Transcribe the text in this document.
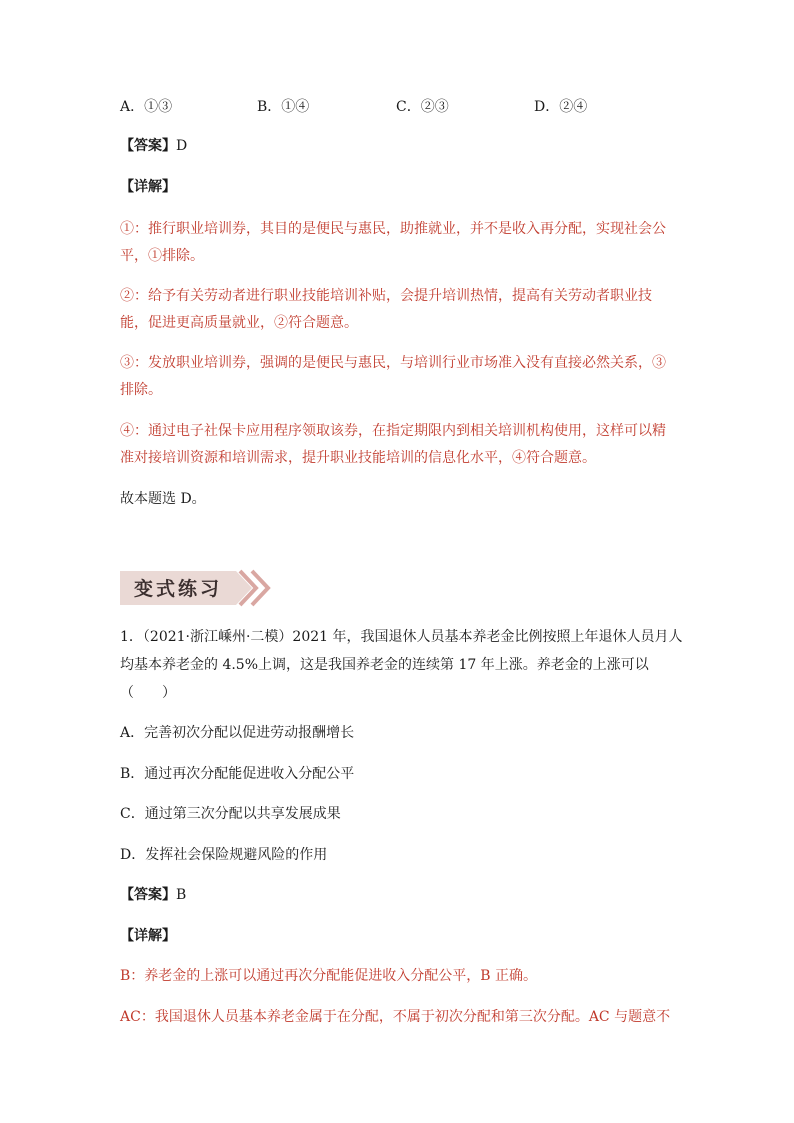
A．①③	B．①④	C．②③	D．②④
【答案】D
【详解】
①：推行职业培训券，其目的是便民与惠民，助推就业，并不是收入再分配，实现社会公
平，①排除。
②：给予有关劳动者进行职业技能培训补贴，会提升培训热情，提高有关劳动者职业技
能，促进更高质量就业，②符合题意。
③：发放职业培训券，强调的是便民与惠民，与培训行业市场准入没有直接必然关系，③
排除。
④：通过电子社保卡应用程序领取该券，在指定期限内到相关培训机构使用，这样可以精
准对接培训资源和培训需求，提升职业技能培训的信息化水平，④符合题意。
故本题选 D。
变式练习
1．（2021·浙江嵊州·二模）2021 年，我国退休人员基本养老金比例按照上年退休人员月人
均基本养老金的 4.5%上调，这是我国养老金的连续第 17 年上涨。养老金的上涨可以
（　　）
A．完善初次分配以促进劳动报酬增长
B．通过再次分配能促进收入分配公平
C．通过第三次分配以共享发展成果
D．发挥社会保险规避风险的作用
【答案】B
【详解】
B：养老金的上涨可以通过再次分配能促进收入分配公平，B 正确。
AC：我国退休人员基本养老金属于在分配，不属于初次分配和第三次分配。AC 与题意不
